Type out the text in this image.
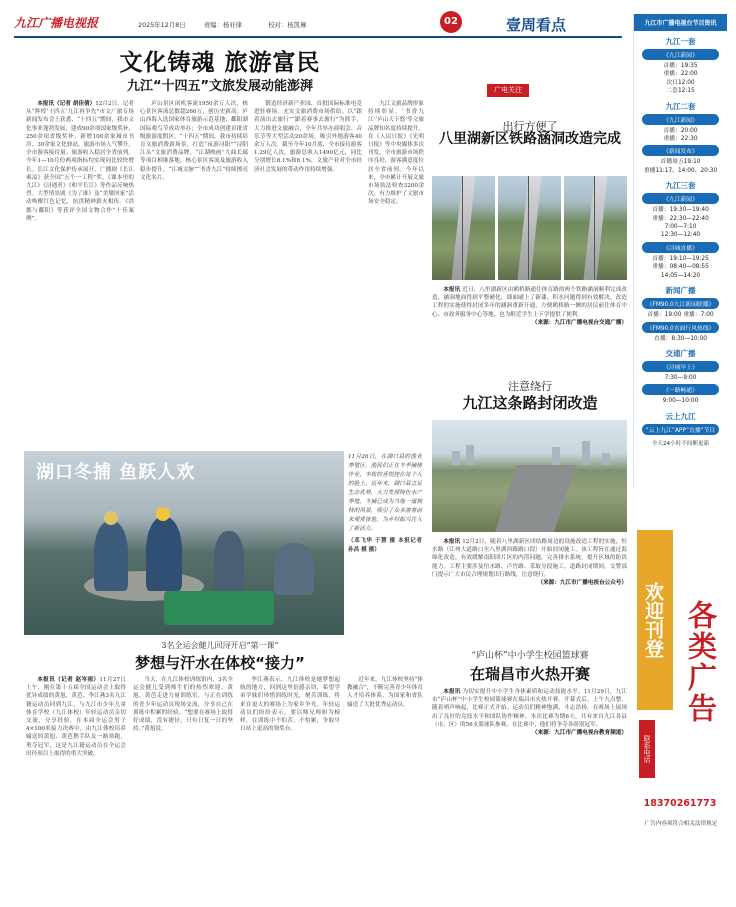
九江广播电视报	2025年12月8日	责编：杨亚律	校对：杨凯琳	02	壹周看点
文化铸魂 旅游富民
九江“十四五”文旅发展动能澎湃

本报讯（记者 胡佳倩）12月2日，记者从“辉煌‘十四五’九江再争先”市文广旅专场新闻发布会上获悉，“十四五”期间，我市文化事业蓬勃发展，建成90余项国家级奖补、250余项省级奖补，新增100余家城市书房、30余家文化驿站，旅游市场人气攀升，全市游客接待量、旅游收入稳居全省前列。今年1—10月份两项指标均实现同比较快增长。长江文化保护传承展开、广播剧《长江乘凉》获全国“五个一工程”奖，《课本里的九江》《浔遇者》《和平长江》等作品反响热烈。大型情景剧《为了谁》及“美墩回家”活动唤醒红色记忆，抗洪精神薪火相传。《洪都与鄱阳》等获评全国文物合作“十佳案例”。

庐山景区闭机客流1950余万人次，核心景区客流总数超260万，创历史新高；庐山西海入选国家体育旅游示范基地；鄱阳湖国际观鸟节成功举办；全市成功创建首批省级旅游度假区。“十四五”期间，我市持续培育文旅消费新场景，打造“夜游浔阳”“浔阳江头”文旅消费品牌，“江湖映画”九曲长廊等项目相继落地，核心景区客流及旅游收入稳步提升，“江城文脉”“书香九江”持续擦亮文化名片。

锻造经济新产业园、首批国际标准电竞进驻赛场。充实文旅消费市场供给。以“跟着演出去旅行”“跟着赛事去旅行”为抓手，大力推进文旅融合，全年共举办演唱会、音乐节等大型活动20余场，吸引外地游客40余万人次。截至今年10月底，全市接待游客1.29亿人次，旅游总收入1490亿元，同比分别增长8.1%和6.1%，文旅产业对全市经济社会发展的带动作用持续增强。

九江文旅品牌形象持续彰显，‘书香九江’‘庐山天下悠’等文旅品牌知名度持续提升，在《人民日报》《光明日报》等中央媒体多次刊发。全市旅游市场秩序良好，游客满意度位居全省前列。今年以来，全市累计开展文旅市场执法检查3200余次，有力维护了文旅市场安全稳定。

广电关注
出行方便了
八里湖新区铁路涵洞改造完成

本报讯 近日，八里湖新区由鹤桥路通往体育路的两个铁路涵洞顺利完成改造，涵洞地面得到平整硬化，墙面刷上了新漆，积水问题得到有效解决。改造工程的实施使得封闭多年的涵洞重新开通，方便鹤桥路一侧的居民前往体育中心、市政务服务中心等地，也为附近学生上下学提供了便利。

（来源：九江市广播电视台交通广播）

注意绕行
九江这条路封闭改造

本报讯 12月2日，随着八里湖新区团结路周边的设施改造工程的实施，恒水路（江州大道路口至八里湖西路路口段）开始封闭施工。该工程旨在通过海绵化改造，有效缓解南阳团片区的内涝问题，完善排水系统，提升区域的防洪能力。工程主要涉及恒水路、卢竹路、采取分段施工，道路封闭期间，交警部门提示广大市民合理规划出行路线，注意绕行。

（来源：九江市广播电视台公众号）

湖口冬捕 鱼跃人欢

11月26日，在湖口县的渔业养殖区，渔民们正在冬季捕捞作业，丰收的喜悦挂在每个人的脸上。近年来，湖口县立足生态优势，大力发展特色水产养殖，冬捕已成为当地一道独特的风景，吸引了众多游客前来观赏体验，为乡村振兴注入了新活力。

（邓飞华 于慧 摄 本报记者 孙昌 模 摄）

3名全运会健儿回浔开启“第一课”
梦想与汗水在体校“接力”

本报讯（记者 赵岑雨）11月27日上午，刚在第十五届全国运动会上取得优异成绩的黄旭、黄芭、李江燕3名九江籍运动员回到九江，与九江市少年儿童体育学校（九江体校）年轻运动员亲切交流，分享经验。在本届全运会男子4×100米接力决赛中，由九江体校培养输送的黄旭、黄芭携手队友一路领跑，勇夺冠军，这是九江籍运动员在全运会田径项目上取得的重大突破。

当天，在九江体校训练馆内，3名全运会健儿受到师生们的热烈欢迎。黄旭、黄芭走进力量训练室，与正在训练的青少年运动员现场交流，分享自己在训练中积累的经验。“想要在赛场上取得好成绩，没有捷径，只有日复一日的坚持。”黄旭说。

李江燕表示，九江体校是她梦想起航的地方，回到这里倍感亲切，希望学弟学妹们珍惜训练时光，刻苦训练，将来在更大的赛场上为家乡争光。年轻运动员们纷纷表示，要以师兄师姐为榜样，在训练中不怕苦、不怕累，争取早日站上更高的领奖台。

近年来，九江体校坚持“体教融合”，不断完善青少年体育人才培养体系，为国家和省队输送了大批优秀运动员。

“庐山杯”中小学生校园篮球赛
在瑞昌市火热开赛

本报讯 为切实提升中小学生身体素质和运动技能水平，11月29日，九江市“庐山杯”中小学生校园篮球赛在瑞昌市火热开赛。开幕式后，上午九点整，随着哨声响起，比赛正式开始。运动员们精神饱满、斗志昂扬，在赛场上展现出了良好的竞技水平和团队协作精神。本次比赛为期6天，共有来自九江各县（市、区）的56支篮球队参赛，在比赛中，他们将争夺各组别冠军。

（来源：九江市广播电视台教育频道）

九江市广播电视台节目资讯
九江一套
《九江新闻》
首播：19:35
重播：22:00
次日12:00
二套12:15
九江二套
《九江新闻》
首播：20:00
重播：22:30
《新闻发布》
首播周五19:10
重播11:17、14:00、20:30
九江三套
《九江新闻》
首播：19:30—19:40
重播：22:30—22:40
7:00—7:10
12:30—12:40
《浔城直播》
首播：19:10—19:25
重播：08:40—08:55
14:05—14:20
新闻广播
《FM90.0九江新闻联播》
首播：19:00 重播：7:00
《FM90.0直面行风热线》
直播：8:30—10:00
交通广播
《浔城早上》
7:30—9:00
《一路畅通》
9:00—10:00
云上九江
“云上九江”APP”直播“节目
全天24小时不间断更新
欢迎刊登 各类广告
联系电话
18370261773
广告内容须符合相关法律规定
